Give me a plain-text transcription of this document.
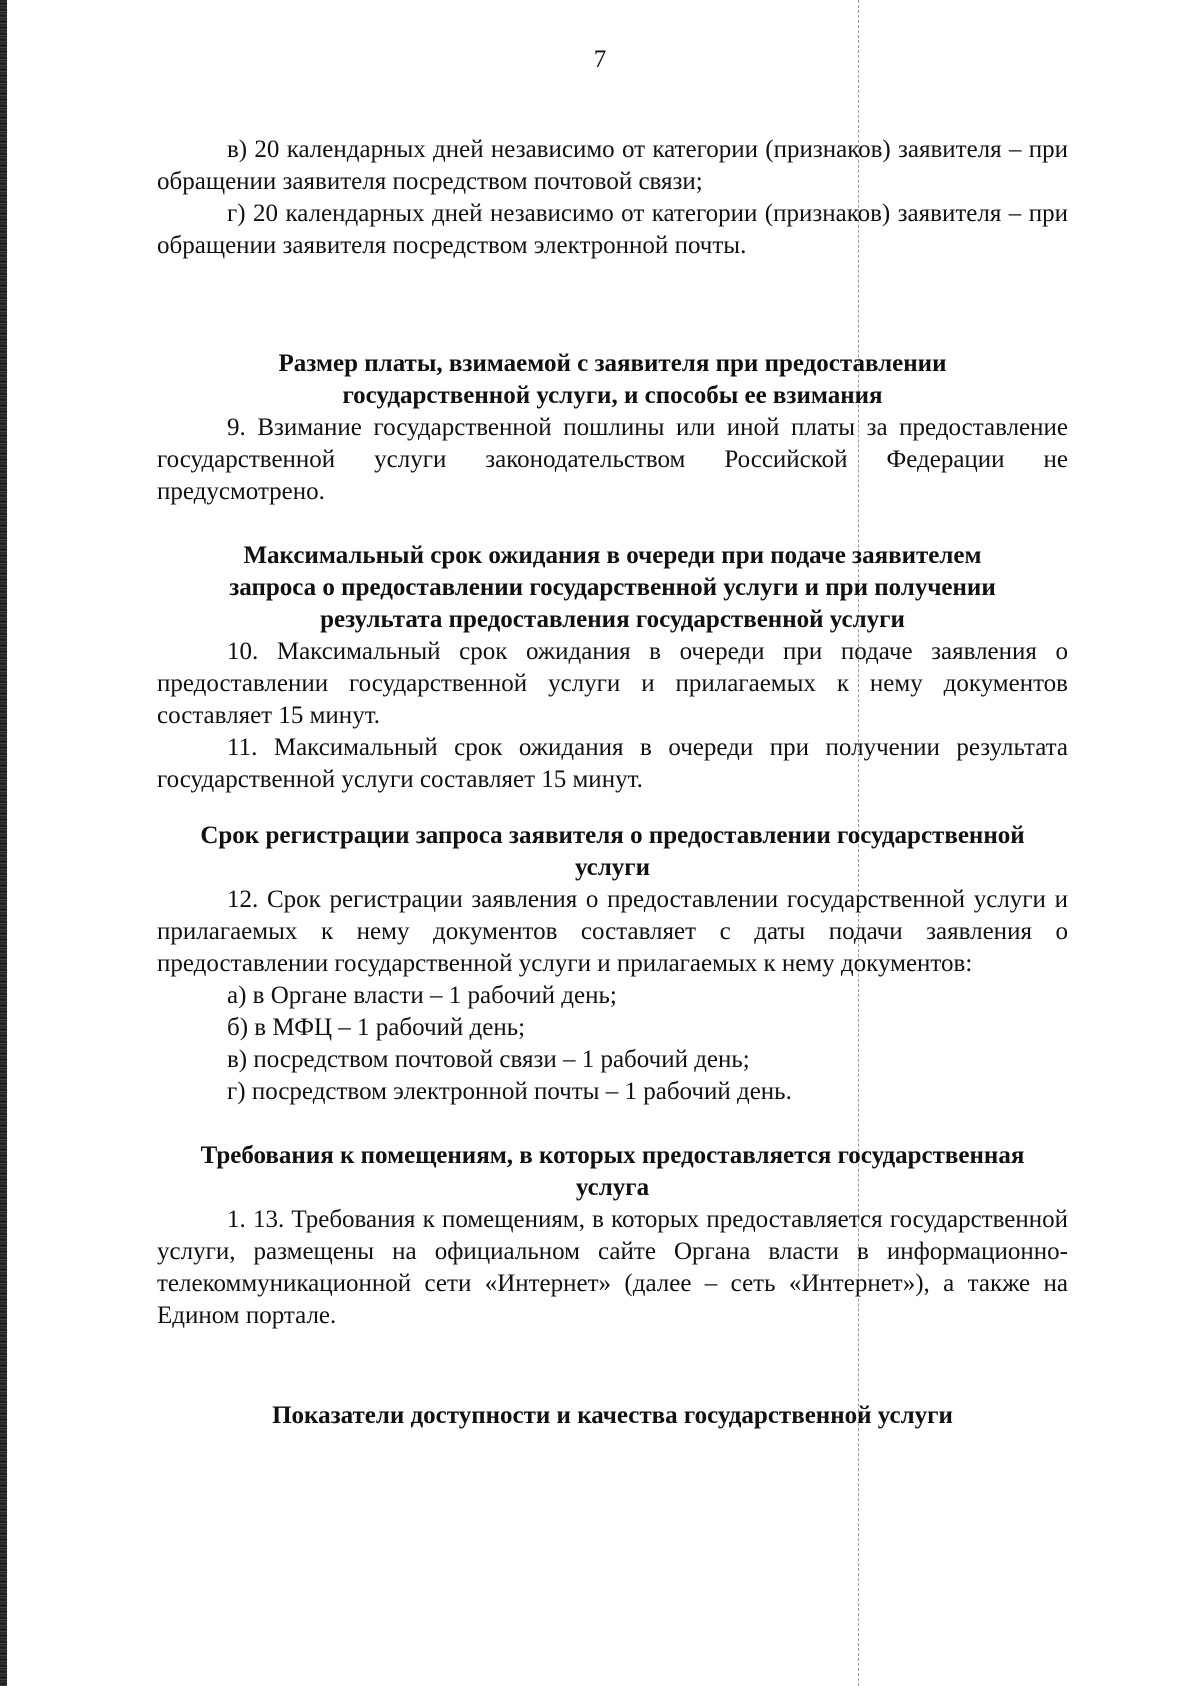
7

в) 20 календарных дней независимо от категории (признаков) заявителя – при обращении заявителя посредством почтовой связи;

г) 20 календарных дней независимо от категории (признаков) заявителя – при обращении заявителя посредством электронной почты.

Размер платы, взимаемой с заявителя при предоставлении государственной услуги, и способы ее взимания

9. Взимание государственной пошлины или иной платы за предоставление государственной услуги законодательством Российской Федерации не предусмотрено.

Максимальный срок ожидания в очереди при подаче заявителем запроса о предоставлении государственной услуги и при получении результата предоставления государственной услуги

10. Максимальный срок ожидания в очереди при подаче заявления о предоставлении государственной услуги и прилагаемых к нему документов составляет 15 минут.

11. Максимальный срок ожидания в очереди при получении результата государственной услуги составляет 15 минут.

Срок регистрации запроса заявителя о предоставлении государственной услуги

12. Срок регистрации заявления о предоставлении государственной услуги и прилагаемых к нему документов составляет с даты подачи заявления о предоставлении государственной услуги и прилагаемых к нему документов:

а) в Органе власти – 1 рабочий день;

б) в МФЦ – 1 рабочий день;

в) посредством почтовой связи – 1 рабочий день;

г) посредством электронной почты – 1 рабочий день.

Требования к помещениям, в которых предоставляется государственная услуга

1. 13. Требования к помещениям, в которых предоставляется государственной услуги, размещены на официальном сайте Органа власти в информационно-телекоммуникационной сети «Интернет» (далее – сеть «Интернет»), а также на Едином портале.

Показатели доступности и качества государственной услуги
